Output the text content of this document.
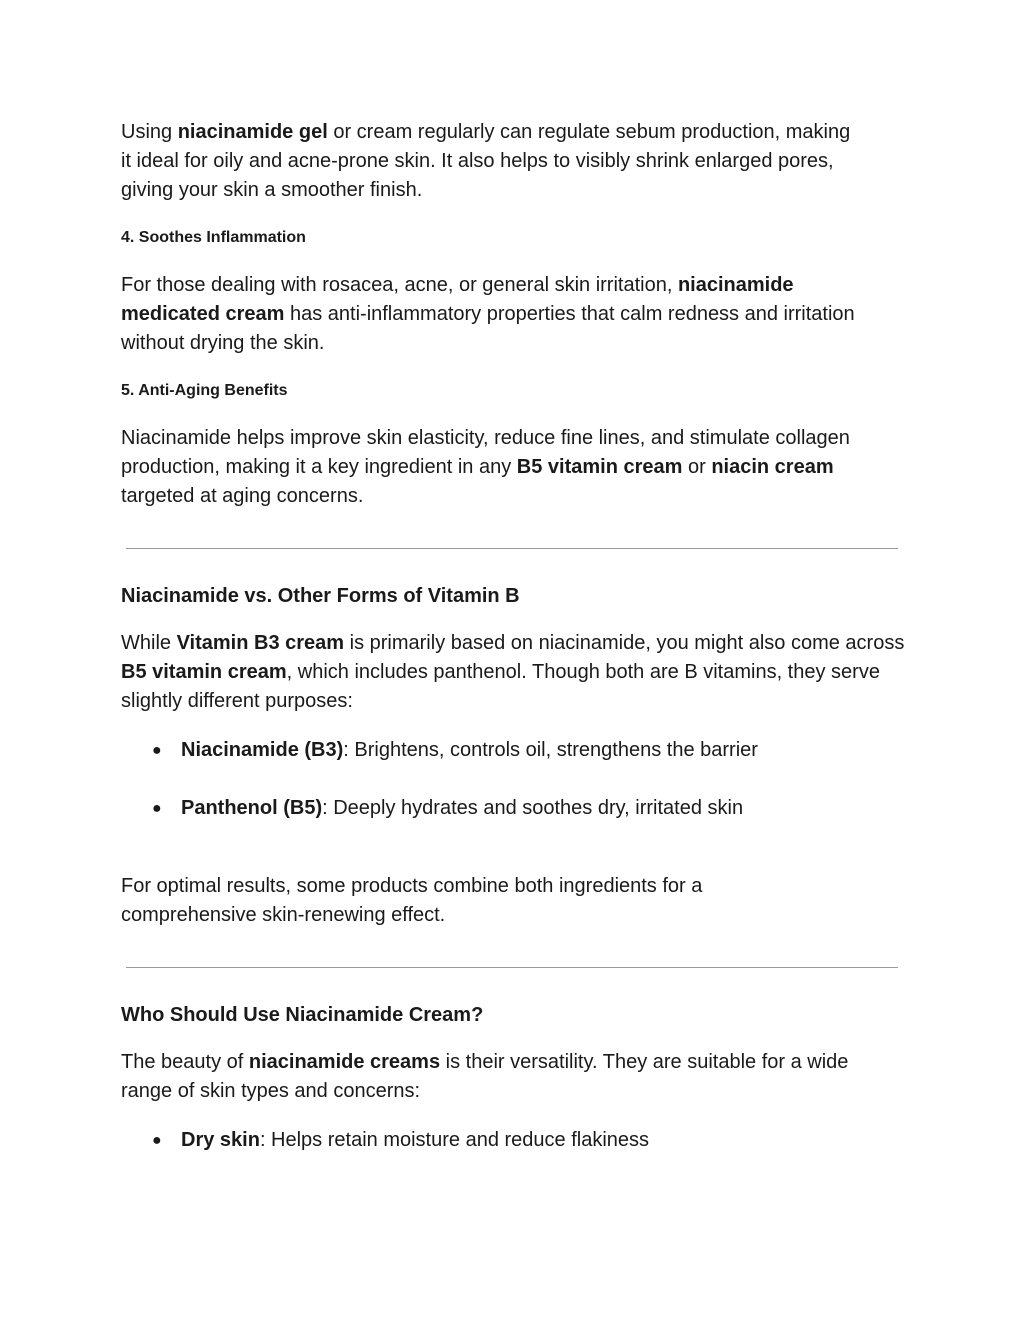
Using niacinamide gel or cream regularly can regulate sebum production, making it ideal for oily and acne-prone skin. It also helps to visibly shrink enlarged pores, giving your skin a smoother finish.

4. Soothes Inflammation

For those dealing with rosacea, acne, or general skin irritation, niacinamide medicated cream has anti-inflammatory properties that calm redness and irritation without drying the skin.

5. Anti-Aging Benefits

Niacinamide helps improve skin elasticity, reduce fine lines, and stimulate collagen production, making it a key ingredient in any B5 vitamin cream or niacin cream targeted at aging concerns.

Niacinamide vs. Other Forms of Vitamin B

While Vitamin B3 cream is primarily based on niacinamide, you might also come across B5 vitamin cream, which includes panthenol. Though both are B vitamins, they serve slightly different purposes:

● Niacinamide (B3): Brightens, controls oil, strengthens the barrier
● Panthenol (B5): Deeply hydrates and soothes dry, irritated skin

For optimal results, some products combine both ingredients for a comprehensive skin-renewing effect.

Who Should Use Niacinamide Cream?

The beauty of niacinamide creams is their versatility. They are suitable for a wide range of skin types and concerns:

● Dry skin: Helps retain moisture and reduce flakiness
